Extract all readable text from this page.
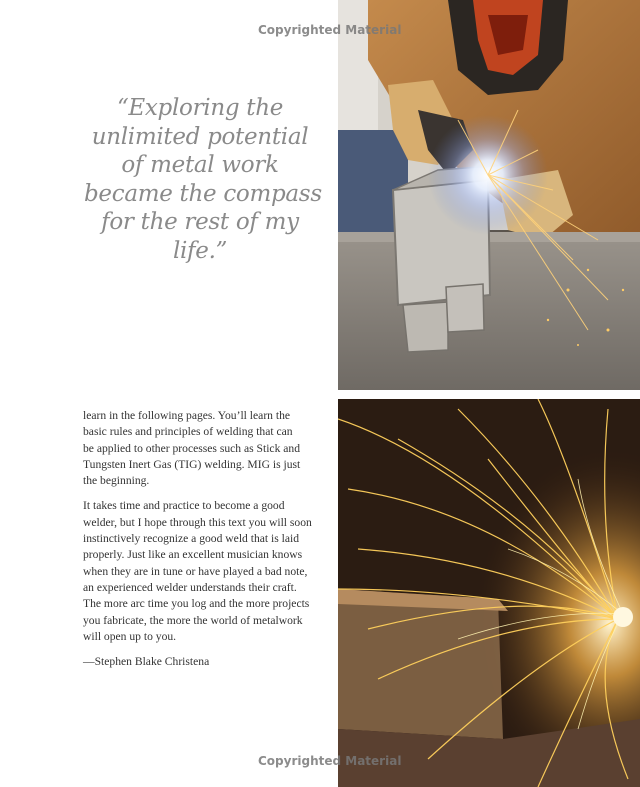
“Exploring the
unlimited potential
of metal work
became the compass
for the rest of my
life.”

learn in the following pages. You’ll learn the
basic rules and principles of welding that can
be applied to other processes such as Stick and
Tungsten Inert Gas (TIG) welding. MIG is just
the beginning.

It takes time and practice to become a good
welder, but I hope through this text you will soon
instinctively recognize a good weld that is laid
properly. Just like an excellent musician knows
when they are in tune or have played a bad note,
an experienced welder understands their craft.
The more arc time you log and the more projects
you fabricate, the more the world of metalwork
will open up to you.

—Stephen Blake Christena

Copyrighted Material
Copyrighted Material
